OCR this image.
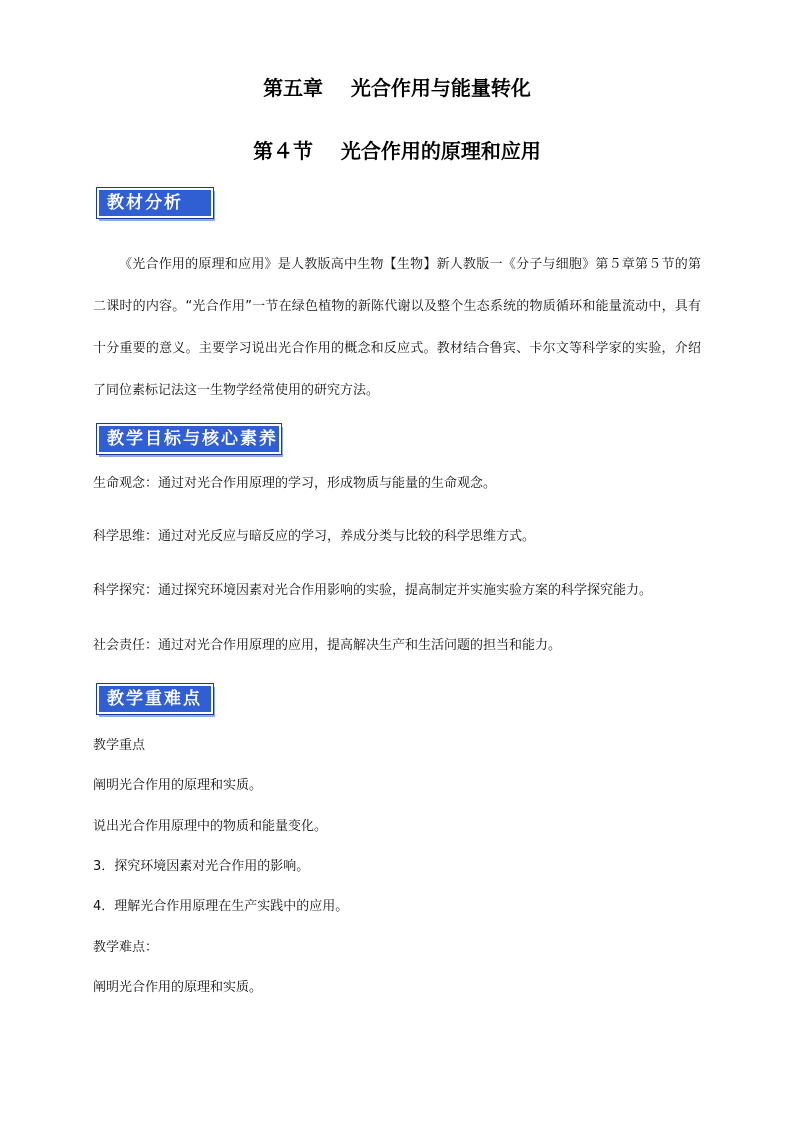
第五章    光合作用与能量转化
第４节    光合作用的原理和应用
教材分析
《光合作用的原理和应用》是人教版高中生物【生物】新人教版一《分子与细胞》第５章第５节的第二课时的内容。“光合作用”一节在绿色植物的新陈代谢以及整个生态系统的物质循环和能量流动中，具有十分重要的意义。主要学习说出光合作用的概念和反应式。教材结合鲁宾、卡尔文等科学家的实验，介绍了同位素标记法这一生物学经常使用的研究方法。
教学目标与核心素养
生命观念：通过对光合作用原理的学习，形成物质与能量的生命观念。
科学思维：通过对光反应与暗反应的学习，养成分类与比较的科学思维方式。
科学探究：通过探究环境因素对光合作用影响的实验，提高制定并实施实验方案的科学探究能力。
社会责任：通过对光合作用原理的应用，提高解决生产和生活问题的担当和能力。
教学重难点
教学重点
阐明光合作用的原理和实质。
说出光合作用原理中的物质和能量变化。
3．探究环境因素对光合作用的影响。
4．理解光合作用原理在生产实践中的应用。
教学难点：
阐明光合作用的原理和实质。
